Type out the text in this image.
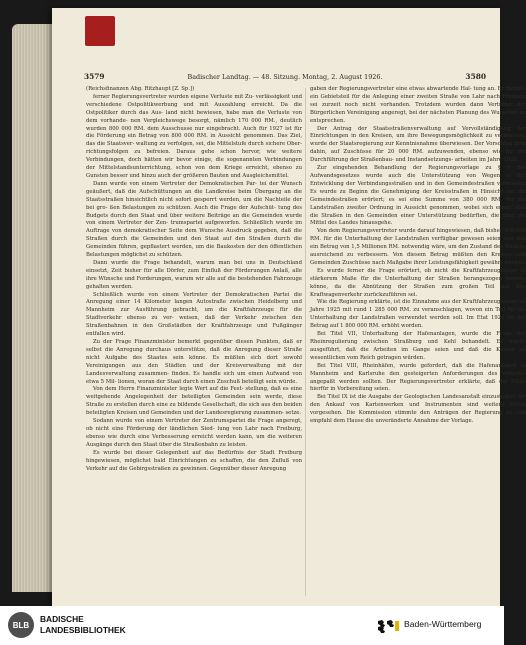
3579	Badischer Landtag. — 48. Sitzung. Montag, 2. August 1926.	3580

(Reichsfinanzen Abg. Ritzhaupt [Z. Sp.])

ferner Regierungsvertreter wurden eigene Verluste mit Zu- verlässigkeit und verschiedene Ostpolitikwerbung und mit Auszahlung erreicht. Da die Ostpolitiker durch das Aus- land nicht bewiesen, habe man die Verluste von dem vorhande- nen Vergleichswege besorgt, nämlich 170 000 RM., deutlich wurden 800 000 RM. dem Ausschusse nur eingebracht. Auch für 1927 ist für die Förderung ein Betrag von 800 000 RM. in Aussicht genommen. Das Ziel, das die Staatsver- waltung zu verfolgen, sei, die Mittelstufe durch sichere Ober- richtungsfolgen zu befreien. Daraus gehe schon hervor, wie weitere Verbindungen, doch hätten wir bevor einige, die sogenannten Verbindungen der Mittelstandsunterrichtung, schon von dem Kriege erreicht, ebenso zu Gunsten besser und hinzu auch der größeren Bauten und Ausgleichsmittel.

Dann wurde von einem Vertreter der Demokratischen Par- tei der Wunsch geäußert, daß die Aufschüttungen an die Landkreise beim Übergang an die Staatsstraßen hinsichtlich nicht sofort gesperrt werden, um die Nachteile der bei gro- ßen Belastungen zu schützen. Auch die Frage der Aufschüt- tung des Budgets durch den Staat und über weitere Beiträge an die Gemeinden wurde von einem Vertreter der Zen- trumspartei aufgeworfen. Schließlich wurde im Auftrage von demokratischer Seite dem Wunsche Ausdruck gegeben, daß die Straßen durch die Gemeinden und den Staat auf den Straßen durch die Gemeinden führen, gepflastert werden, um die Baukosten der den öffentlichen Belastungen möglichst zu schützen.

Dann wurde die Frage behandelt, warum man bei uns in Deutschland einsetzt, Zeit bisher für alle Dörfer, zum Einfluß der Förderungen Anlaß, alle ihre Wünsche und Forderungen, warum wir alle auf die bestehenden Fahrzeuge gehalten werden.

Schließlich wurde von einem Vertreter der Demokratischen Partei die Anregung einer 14 Kilometer langen Autostraße zwischen Heidelberg und Mannheim zur Ausführung gebracht, um die Kraftfahrzeuge für die Stadtverkehr ebenso zu ver- weisen, daß der Verkehr zwischen den Straßenbahnen in den Großstädten der Kraftfahrzeuge und Fußgänger entfallen wird.

Zu der Frage Finanzminister bemerkt gegenüber diesen Punkten, daß er selbst die Anregung durchaus unterstütze, daß die Anregung dieser Straße nicht Aufgabe des Staates sein könne. Es müßten sich dort sowohl Vereinigungen aus den Städten und der Kreisverwaltung mit der Landesverwaltung zusammen- finden. Es handle sich um einen Aufwand von etwa 5 Mil- lionen, woran der Staat durch einen Zuschuß beteiligt sein würde.

Von dem Herrn Finanzminister legte Wert auf die Fest- stellung, daß es eine weitgehende Angelegenheit der beteiligten Gemeinden sein werde, diese Straße zu erstellen durch eine zu bildende Gesellschaft, die sich aus den beiden beteiligten Kreisen und Gemeinden und der Landesregierung zusammen- setze.

Sodann wurde von einem Vertreter der Zentrumspartei die Frage angeregt, ob nicht eine Förderung der ländlichen Sied- lung von Lahr nach Freiburg, ebenso wie durch eine Verbesserung erreicht werden kann, um die weiteren Ausgänge durch den Staat über die Straßenbahn zu leisten.

Es wurde bei dieser Gelegenheit auf das Bedürfnis der Stadt Freiburg hingewiesen, möglichst bald Einrichtungen zu schaffen, die den Zufluß von Verkehr auf die Gebirgsstraßen zu gewinnen. Gegenüber dieser Anregung

gaben der Regierungsvertreter eine etwas abwartende Hal- tung an. Er meinte, ein Gebietsteil für die Anlegung einer zweiten Straße von Lahr nach Freiburg sei zurzeit noch nicht vorhanden. Trotzdem wurden dann Vertreter der Bürgerlichen Vereinigung angeregt, bei der nächsten Planung des Wunsches zu entsprechen.

Der Antrag der Staatsstraßenverwaltung auf Vervollständigung der Einrichtungen in den Kreisen, um ihre Bewegungsmöglichkeit zu verbessern, wurde der Staatsregierung zur Kenntnisnahme überwiesen. Der Vorschlag ging dahin, auf Zuschüsse für 20 000 RM. aufzuwenden, ebenso wie für die Durchführung der Straßenbau- und Instandsetzungs- arbeiten im Jahre 1926.

Zur eingehenden Behandlung der Regierungsvorlage zu § 9 des Aufwandsgesetzes wurde auch die Unterstützung von Wegen in der Entwicklung der Verbindungsstraßen und in den Gemeindestraßen verwiesen. Es wurde zu Beginn die Genehmigung der Kreisstraßen in Hinsicht auf die Gemeindestraßen erörtert; es sei eine Summe von 380 000 RM. für die Landstraßen zweiter Ordnung in Aussicht genommen, wobei sich ergab, daß die Straßen in den Gemeinden einer Unterstützung bedürften, die über die Mittel des Landes hinausgehe.

Von dem Regierungsvertreter wurde darauf hingewiesen, daß bisher 400 000 RM. für die Unterhaltung der Landstraßen verfügbar gewesen seien und daß ein Betrag von 1,5 Millionen RM. notwendig wäre, um den Zustand der Straßen ausreichend zu verbessern. Von diesem Betrag müßten den Kreisen und Gemeinden Zuschüsse nach Maßgabe ihrer Leistungsfähigkeit gewährt werden.

Es wurde ferner die Frage erörtert, ob nicht die Kraftfahrzeugsteuer in stärkerem Maße für die Unterhaltung der Straßen herangezogen werden könne, da die Abnützung der Straßen zum großen Teil auf den Kraftwagenverkehr zurückzuführen sei.

Wie die Regierung erklärte, ist die Einnahme aus der Kraftfahrzeugsteuer im Jahre 1925 mit rund 1 285 000 RM. zu veranschlagen, wovon ein Teil für die Unterhaltung der Landstraßen verwendet werden soll. Im Etat 1926 ist der Betrag auf 1 800 000 RM. erhöht worden.

Bei Titel VII, Unterhaltung der Hafenanlagen, wurde die Frage der Rheinregulierung zwischen Straßburg und Kehl behandelt. Es wurde ausgeführt, daß die Arbeiten im Gange seien und daß die Kosten im wesentlichen vom Reich getragen würden.

Bei Titel VIII, Rheinhäfen, wurde gefordert, daß die Hafenanlagen in Mannheim und Karlsruhe den gesteigerten Anforderungen des Verkehrs angepaßt werden sollten. Der Regierungsvertreter erklärte, daß die Pläne hierfür in Vorbereitung seien.

Bei Titel IX ist die Ausgabe der Geologischen Landesanstalt einzustellen; für den Ankauf von Kartenwerken und Instrumenten sind weitere Mittel vorgesehen. Die Kommission stimmte den Anträgen der Regierung zu und empfahl dem Hause die unveränderte Annahme der Vorlage.

BLB
BADISCHE
LANDESBIBLIOTHEK
Baden-Württemberg
